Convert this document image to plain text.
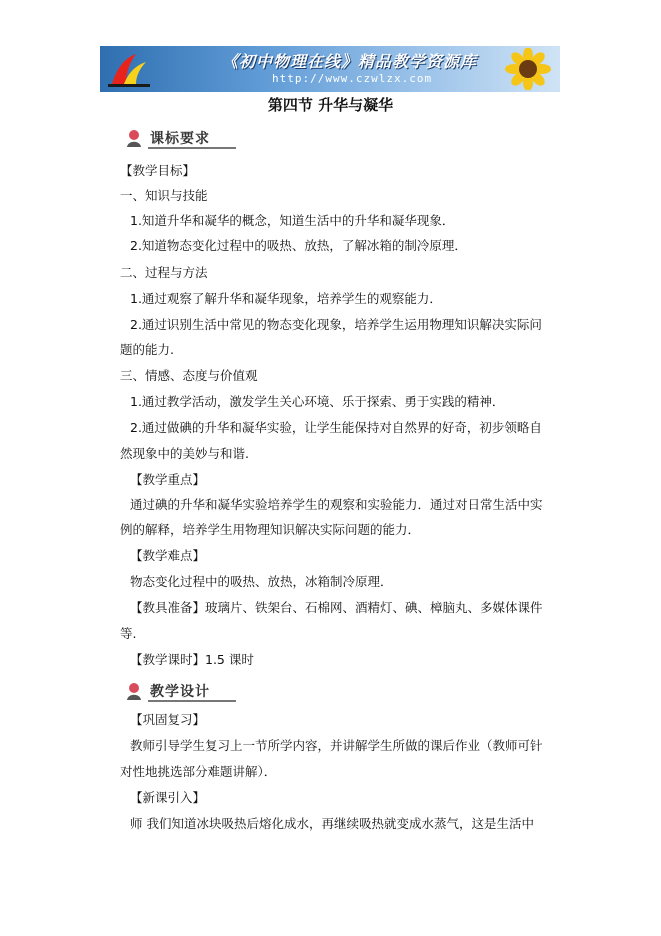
《初中物理在线》精品教学资源库
http://www.czwlzx.com
第四节 升华与凝华
课标要求
【教学目标】
一、知识与技能
1.知道升华和凝华的概念，知道生活中的升华和凝华现象．
2.知道物态变化过程中的吸热、放热，了解冰箱的制冷原理．
二、过程与方法
1.通过观察了解升华和凝华现象，培养学生的观察能力．
2.通过识别生活中常见的物态变化现象，培养学生运用物理知识解决实际问
题的能力.
三、情感、态度与价值观
1.通过教学活动，激发学生关心环境、乐于探索、勇于实践的精神．
2.通过做碘的升华和凝华实验，让学生能保持对自然界的好奇，初步领略自
然现象中的美妙与和谐.
【教学重点】
通过碘的升华和凝华实验培养学生的观察和实验能力．通过对日常生活中实
例的解释，培养学生用物理知识解决实际问题的能力．
【教学难点】
物态变化过程中的吸热、放热，冰箱制冷原理．
【教具准备】玻璃片、铁架台、石棉网、酒精灯、碘、樟脑丸、多媒体课件
等.
【教学课时】1.5 课时
教学设计
【巩固复习】
教师引导学生复习上一节所学内容，并讲解学生所做的课后作业（教师可针
对性地挑选部分难题讲解）．
【新课引入】
师 我们知道冰块吸热后熔化成水，再继续吸热就变成水蒸气，这是生活中
